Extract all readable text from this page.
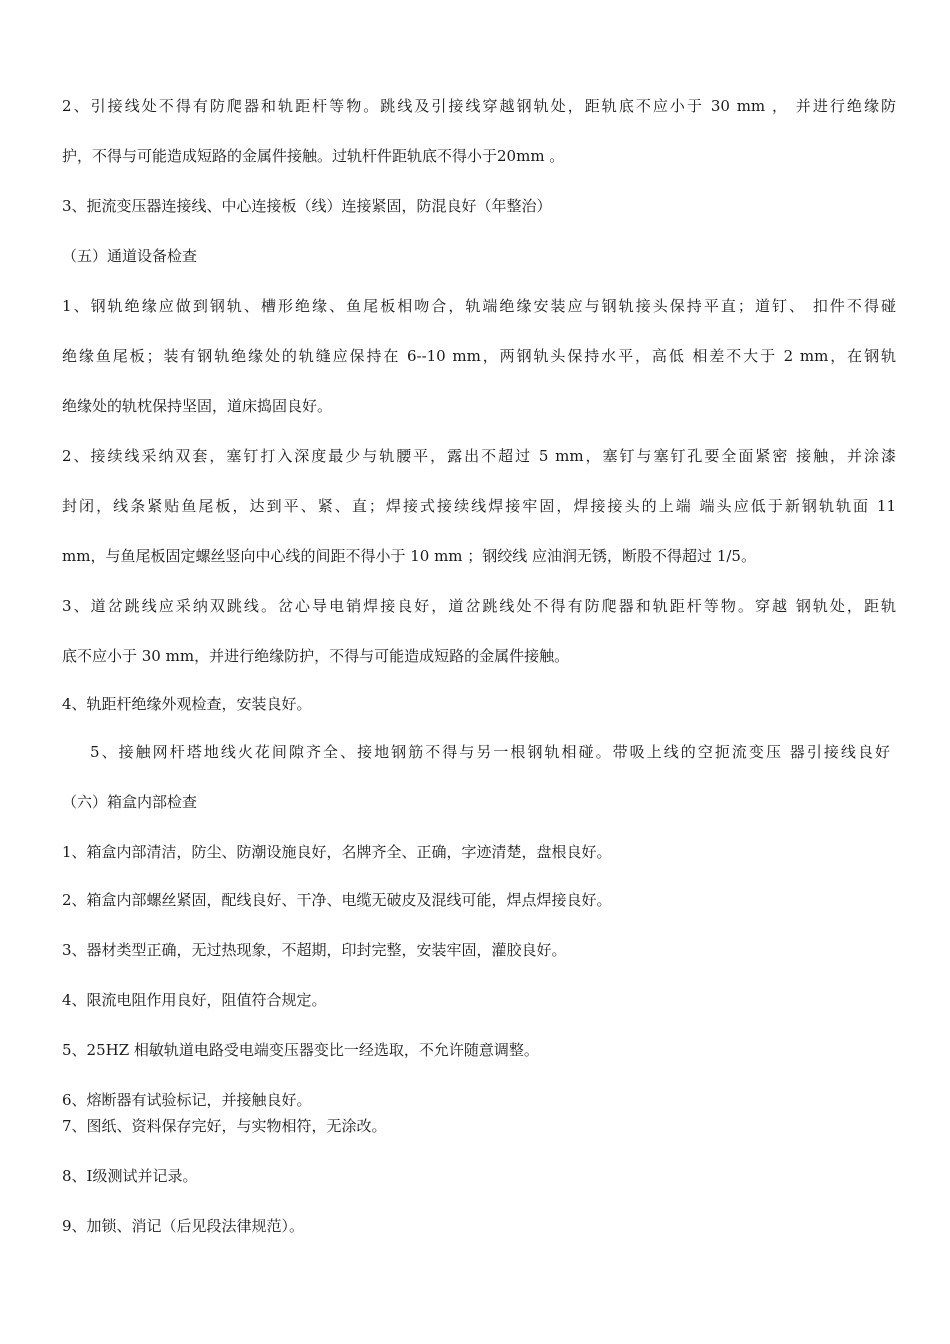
2、引接线处不得有防爬器和轨距杆等物。跳线及引接线穿越钢轨处，距轨底不应小于 30 mm ， 并进行绝缘防
护，不得与可能造成短路的金属件接触。过轨杆件距轨底不得小于20mm 。
3、扼流变压器连接线、中心连接板（线）连接紧固，防混良好（年整治）
（五）通道设备检查
1、钢轨绝缘应做到钢轨、槽形绝缘、鱼尾板相吻合，轨端绝缘安装应与钢轨接头保持平直；道钉、 扣件不得碰
绝缘鱼尾板；装有钢轨绝缘处的轨缝应保持在 6--10 mm，两钢轨头保持水平，高低 相差不大于 2 mm，在钢轨
绝缘处的轨枕保持坚固，道床捣固良好。
2、接续线采纳双套，塞钉打入深度最少与轨腰平，露出不超过 5 mm，塞钉与塞钉孔要全面紧密 接触，并涂漆
封闭，线条紧贴鱼尾板，达到平、紧、直；焊接式接续线焊接牢固，焊接接头的上端 端头应低于新钢轨轨面 11
mm，与鱼尾板固定螺丝竖向中心线的间距不得小于 10 mm ；钢绞线 应油润无锈，断股不得超过 1/5。
3、道岔跳线应采纳双跳线。岔心导电销焊接良好，道岔跳线处不得有防爬器和轨距杆等物。穿越 钢轨处，距轨
底不应小于 30 mm，并进行绝缘防护，不得与可能造成短路的金属件接触。
4、轨距杆绝缘外观检查，安装良好。
5、接触网杆塔地线火花间隙齐全、接地钢筋不得与另一根钢轨相碰。带吸上线的空扼流变压 器引接线良好
（六）箱盒内部检查
1、箱盒内部清洁，防尘、防潮设施良好，名牌齐全、正确，字迹清楚，盘根良好。
2、箱盒内部螺丝紧固，配线良好、干净、电缆无破皮及混线可能，焊点焊接良好。
3、器材类型正确，无过热现象，不超期，印封完整，安装牢固，灌胶良好。
4、限流电阻作用良好，阻值符合规定。
5、25HZ 相敏轨道电路受电端变压器变比一经选取，不允许随意调整。
6、熔断器有试验标记，并接触良好。
7、图纸、资料保存完好，与实物相符，无涂改。
8、Ⅰ级测试并记录。
9、加锁、消记（后见段法律规范）。
